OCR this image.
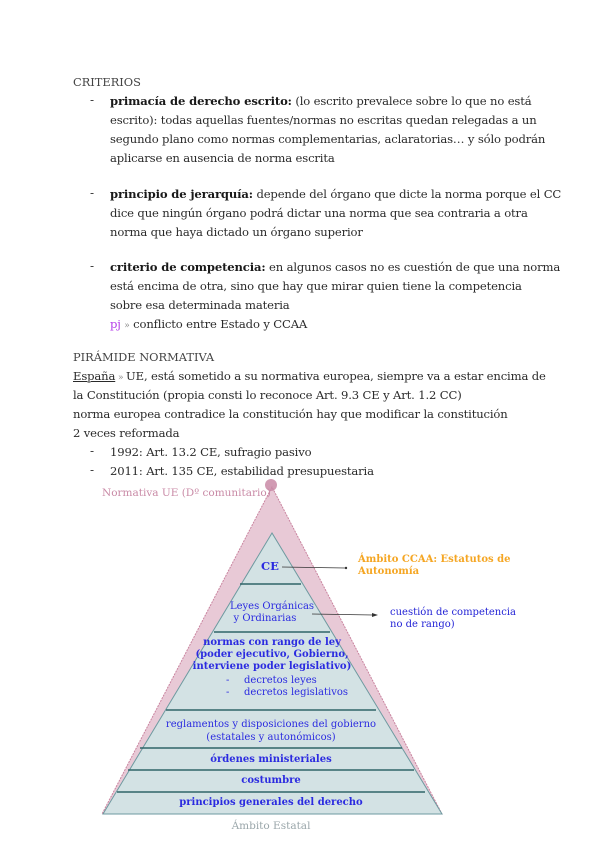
CRITERIOS
- primacía de derecho escrito: (lo escrito prevalece sobre lo que no está
escrito): todas aquellas fuentes/normas no escritas quedan relegadas a un
segundo plano como normas complementarias, aclaratorias… y sólo podrán
aplicarse en ausencia de norma escrita
- principio de jerarquía: depende del órgano que dicte la norma porque el CC
dice que ningún órgano podrá dictar una norma que sea contraria a otra
norma que haya dictado un órgano superior
- criterio de competencia: en algunos casos no es cuestión de que una norma
está encima de otra, sino que hay que mirar quien tiene la competencia
sobre esa determinada materia
pj » conflicto entre Estado y CCAA
PIRÁMIDE NORMATIVA
España » UE, está sometido a su normativa europea, siempre va a estar encima de
la Constitución (propia consti lo reconoce Art. 9.3 CE y Art. 1.2 CC)
norma europea contradice la constitución hay que modificar la constitución
2 veces reformada
- 1992: Art. 13.2 CE, sufragio pasivo
- 2011: Art. 135 CE, estabilidad presupuestaria
CE
Leyes Orgánicas
y Ordinarias
normas con rango de ley
(poder ejecutivo, Gobierno,
interviene poder legislativo)
- decretos leyes
- decretos legislativos
reglamentos y disposiciones del gobierno
(estatales y autonómicos)
órdenes ministeriales
costumbre
principios generales del derecho
Normativa UE (Dº comunitario)
Ámbito Estatal
Ámbito CCAA: Estatutos de
Autonomía
cuestión de competencia
no de rango)
